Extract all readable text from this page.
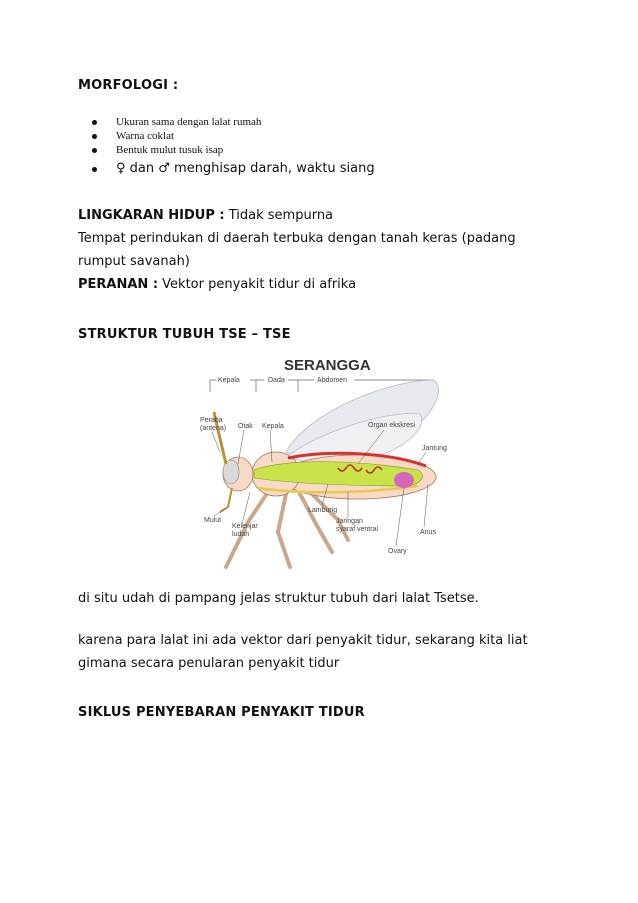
MORFOLOGI :
Ukuran sama dengan lalat rumah
Warna coklat
Bentuk mulut tusuk isap
♀ dan ♂ menghisap darah, waktu siang
LINGKARAN HIDUP : Tidak sempurna
Tempat perindukan di daerah terbuka dengan tanah keras (padang
rumput savanah)
PERANAN : Vektor penyakit tidur di afrika
STRUKTUR TUBUH TSE – TSE
SERANGGA
Kepala	Dada	Abdomen
Peraba
(antena) Otak Kepala	Organ ekskresi
Jantung
Lambung
Jaringan
syaraf ventral
Mulut
Kelenjar
ludah	Anus
Ovary
di situ udah di pampang jelas struktur tubuh dari lalat Tsetse.
karena para lalat ini ada vektor dari penyakit tidur, sekarang kita liat
gimana secara penularan penyakit tidur
SIKLUS PENYEBARAN PENYAKIT TIDUR
